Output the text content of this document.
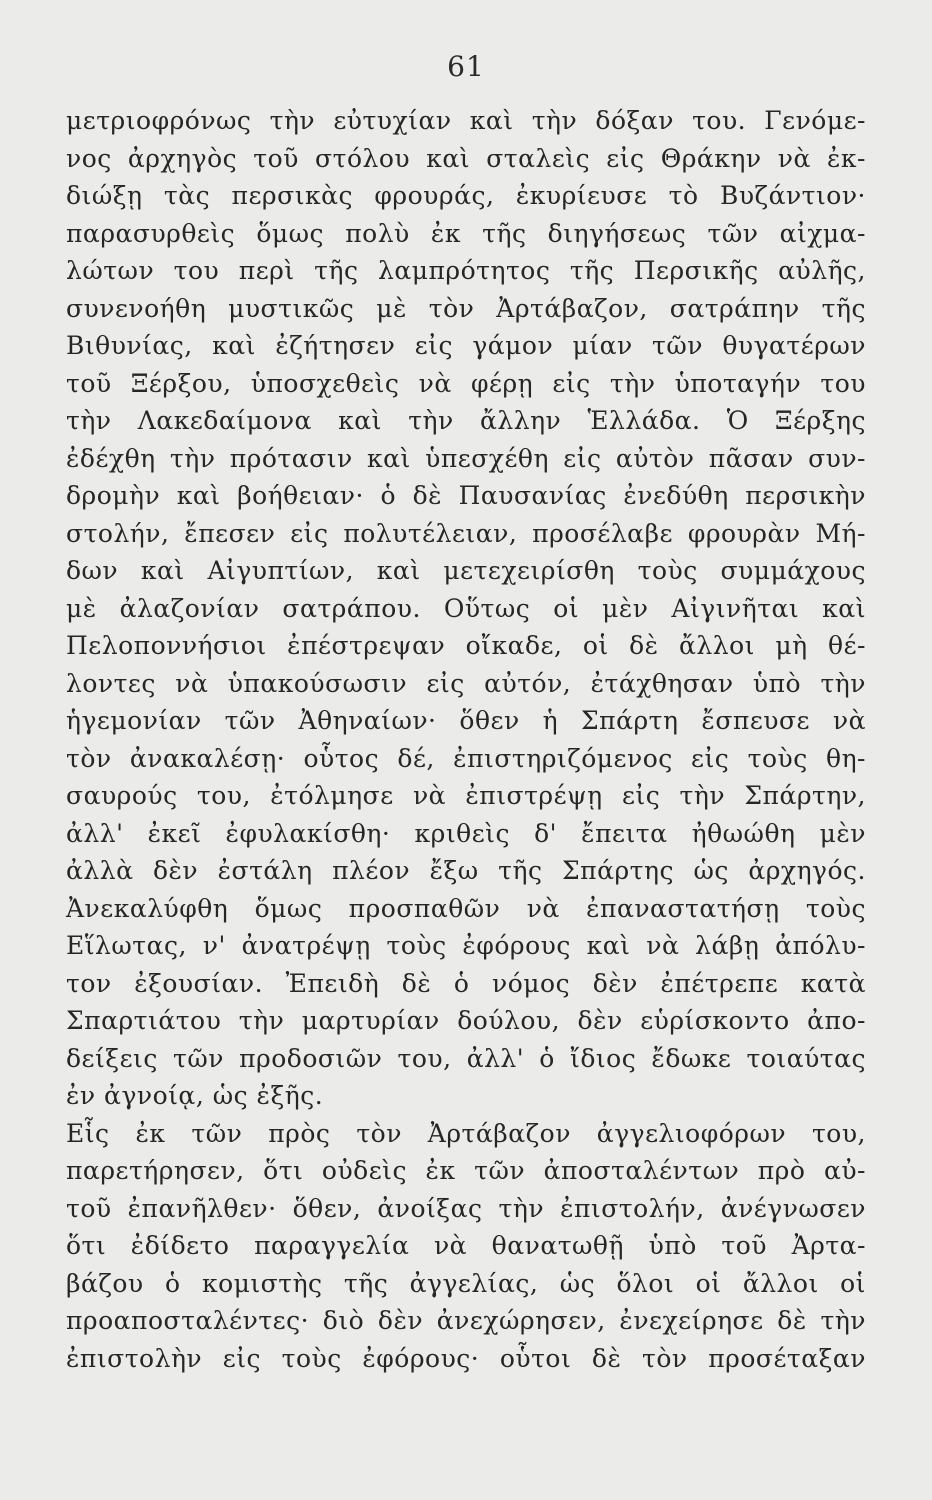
61
μετριοφρόνως τὴν εὐτυχίαν καὶ τὴν δόξαν του. Γενόμε-
νος ἀρχηγὸς τοῦ στόλου καὶ σταλεὶς εἰς Θράκην νὰ ἐκ-
διώξῃ τὰς περσικὰς φρουράς, ἐκυρίευσε τὸ Βυζάντιον·
παρασυρθεὶς ὅμως πολὺ ἐκ τῆς διηγήσεως τῶν αἰχμα-
λώτων του περὶ τῆς λαμπρότητος τῆς Περσικῆς αὐλῆς,
συνενοήθη μυστικῶς μὲ τὸν Ἀρτάβαζον, σατράπην τῆς
Βιθυνίας, καὶ ἐζήτησεν εἰς γάμον μίαν τῶν θυγατέρων
τοῦ Ξέρξου, ὑποσχεθεὶς νὰ φέρῃ εἰς τὴν ὑποταγήν του
τὴν Λακεδαίμονα καὶ τὴν ἄλλην Ἑλλάδα. Ὁ Ξέρξης
ἐδέχθη τὴν πρότασιν καὶ ὑπεσχέθη εἰς αὐτὸν πᾶσαν συν-
δρομὴν καὶ βοήθειαν· ὁ δὲ Παυσανίας ἐνεδύθη περσικὴν
στολήν, ἔπεσεν εἰς πολυτέλειαν, προσέλαβε φρουρὰν Μή-
δων καὶ Αἰγυπτίων, καὶ μετεχειρίσθη τοὺς συμμάχους
μὲ ἀλαζονίαν σατράπου. Οὕτως οἱ μὲν Αἰγινῆται καὶ
Πελοποννήσιοι ἐπέστρεψαν οἴκαδε, οἱ δὲ ἄλλοι μὴ θέ-
λοντες νὰ ὑπακούσωσιν εἰς αὐτόν, ἐτάχθησαν ὑπὸ τὴν
ἡγεμονίαν τῶν Ἀθηναίων· ὅθεν ἡ Σπάρτη ἔσπευσε νὰ
τὸν ἀνακαλέσῃ· οὗτος δέ, ἐπιστηριζόμενος εἰς τοὺς θη-
σαυρούς του, ἐτόλμησε νὰ ἐπιστρέψῃ εἰς τὴν Σπάρτην,
ἀλλ' ἐκεῖ ἐφυλακίσθη· κριθεὶς δ' ἔπειτα ἠθωώθη μὲν
ἀλλὰ δὲν ἐστάλη πλέον ἔξω τῆς Σπάρτης ὡς ἀρχηγός.
Ἀνεκαλύφθη ὅμως προσπαθῶν νὰ ἐπαναστατήσῃ τοὺς
Εἵλωτας, ν' ἀνατρέψῃ τοὺς ἐφόρους καὶ νὰ λάβῃ ἀπόλυ-
τον ἐξουσίαν. Ἐπειδὴ δὲ ὁ νόμος δὲν ἐπέτρεπε κατὰ
Σπαρτιάτου τὴν μαρτυρίαν δούλου, δὲν εὑρίσκοντο ἀπο-
δείξεις τῶν προδοσιῶν του, ἀλλ' ὁ ἴδιος ἔδωκε τοιαύτας
ἐν ἀγνοίᾳ, ὡς ἐξῆς.
Εἷς ἐκ τῶν πρὸς τὸν Ἀρτάβαζον ἀγγελιοφόρων του,
παρετήρησεν, ὅτι οὐδεὶς ἐκ τῶν ἀποσταλέντων πρὸ αὐ-
τοῦ ἐπανῆλθεν· ὅθεν, ἀνοίξας τὴν ἐπιστολήν, ἀνέγνωσεν
ὅτι ἐδίδετο παραγγελία νὰ θανατωθῇ ὑπὸ τοῦ Ἀρτα-
βάζου ὁ κομιστὴς τῆς ἀγγελίας, ὡς ὅλοι οἱ ἄλλοι οἱ
προαποσταλέντες· διὸ δὲν ἀνεχώρησεν, ἐνεχείρησε δὲ τὴν
ἐπιστολὴν εἰς τοὺς ἐφόρους· οὗτοι δὲ τὸν προσέταξαν
